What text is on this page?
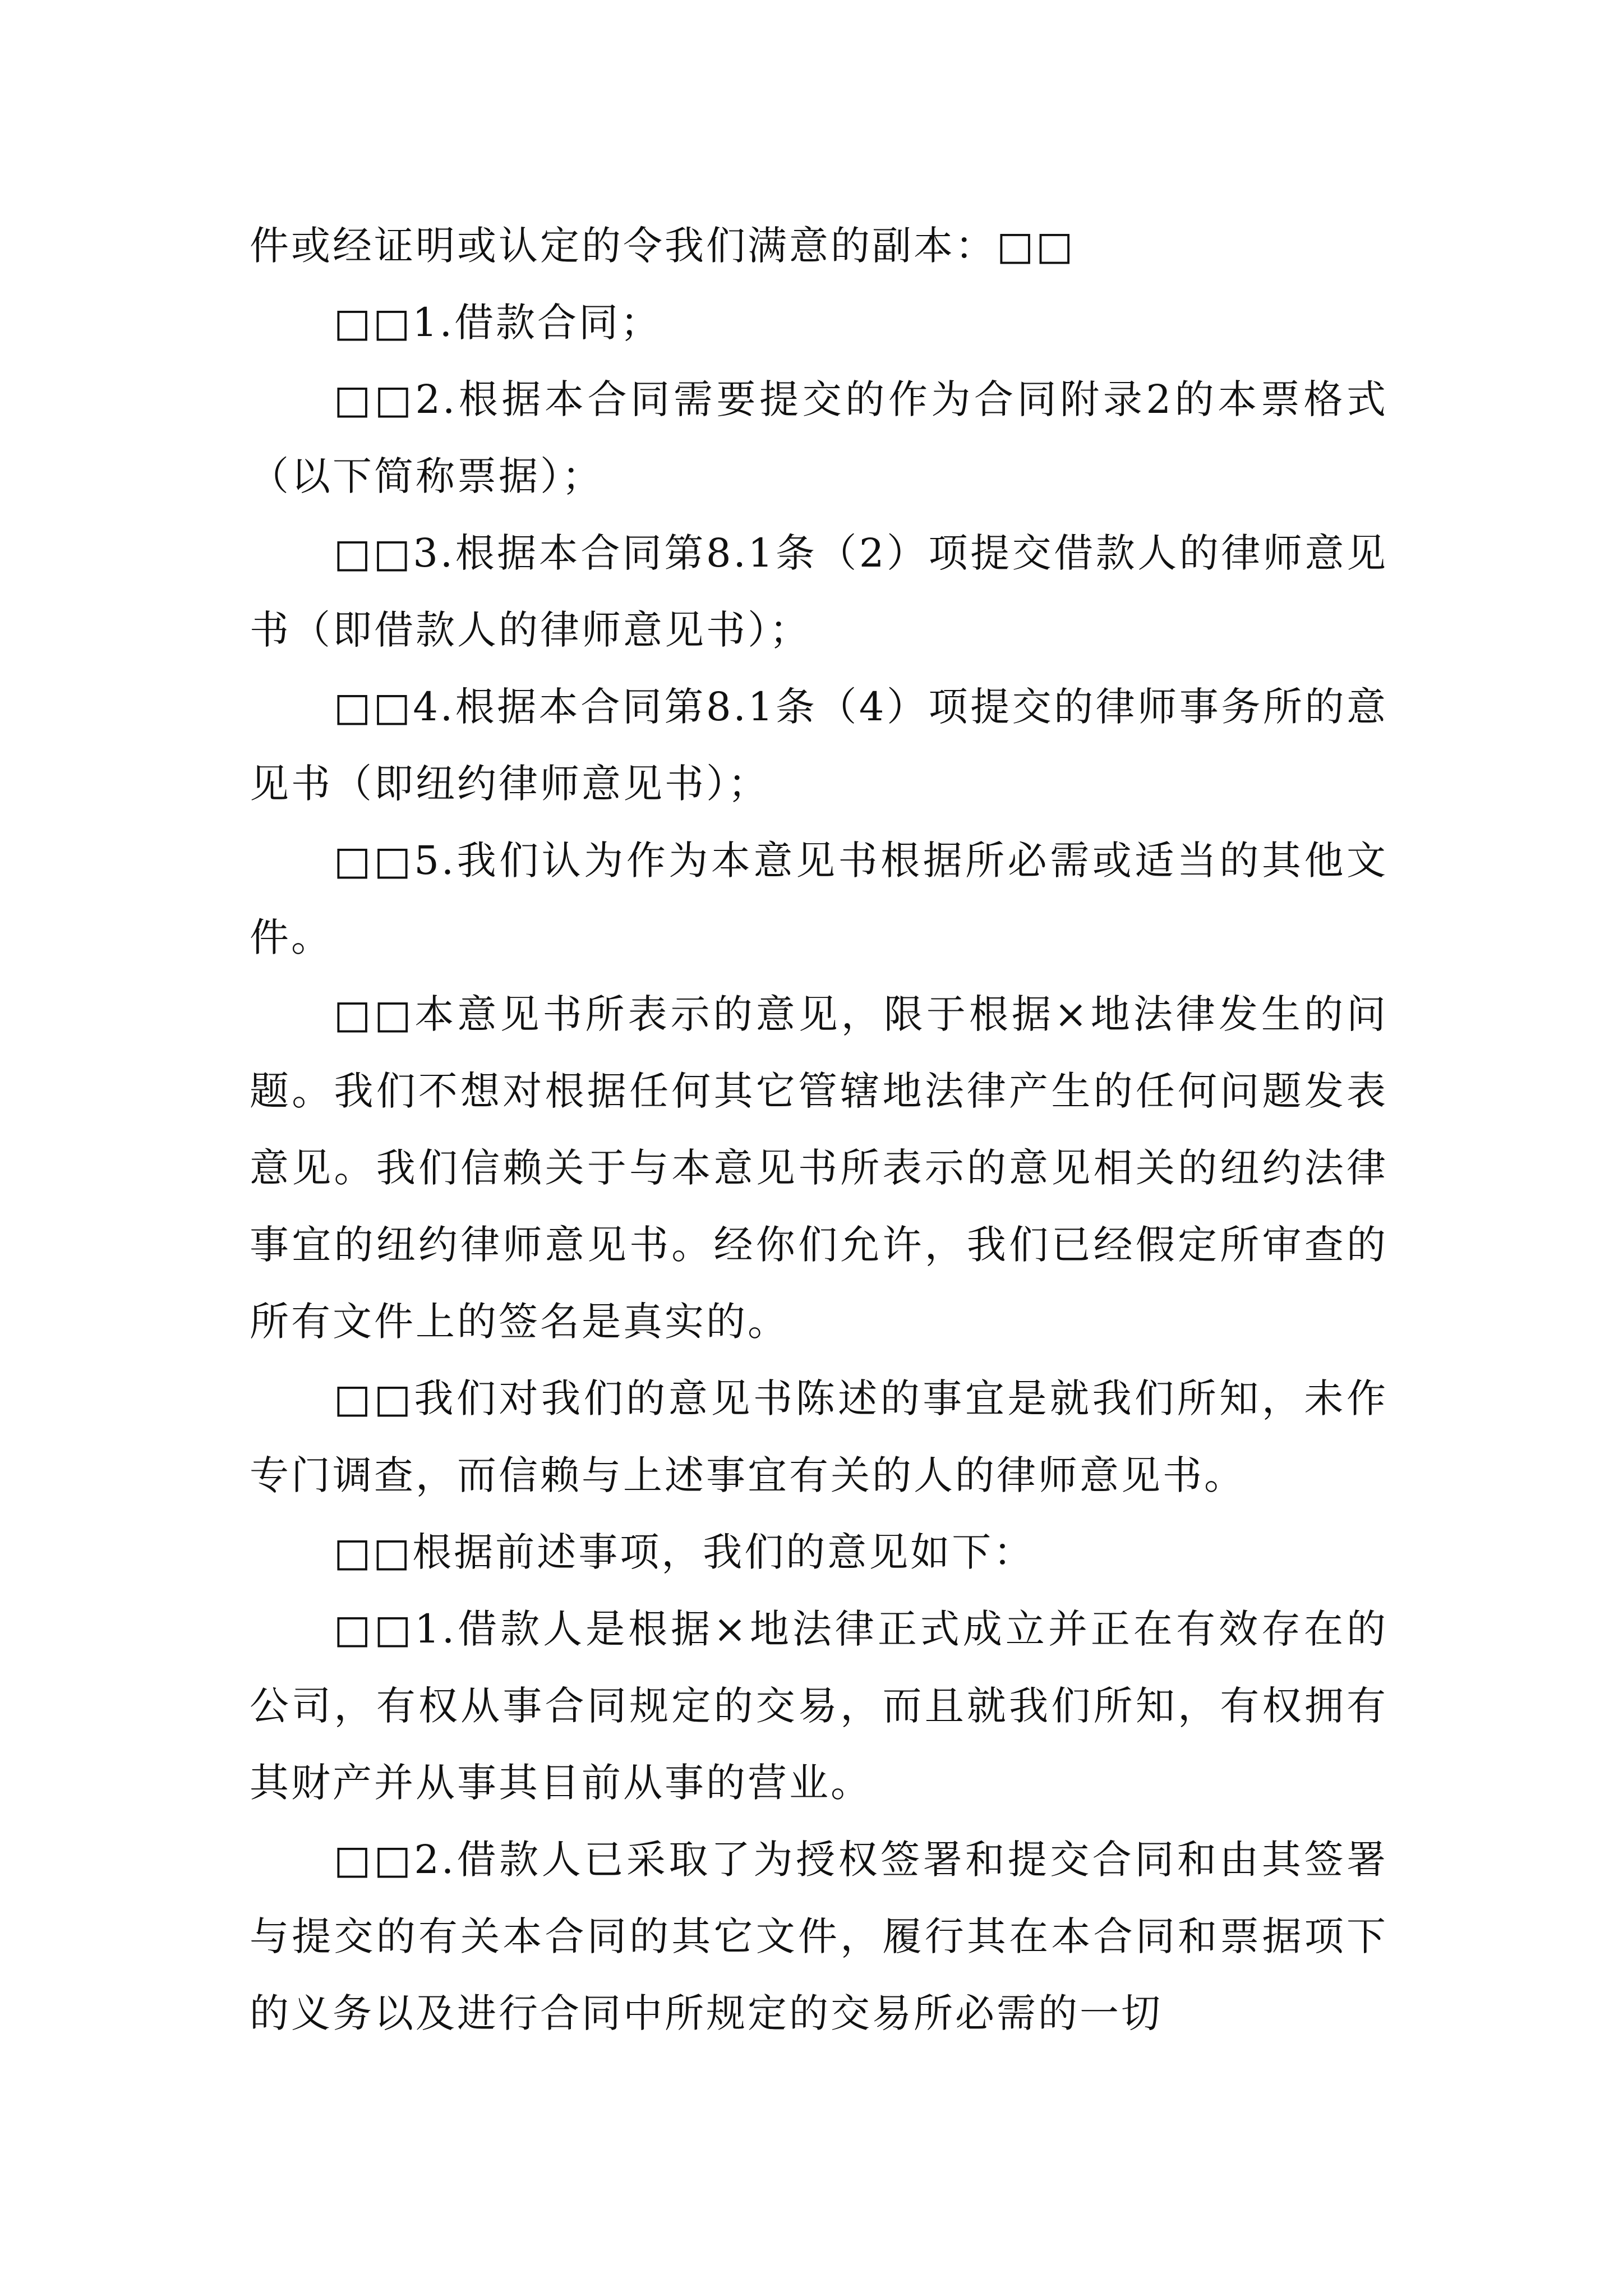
件或经证明或认定的令我们满意的副本：□□

□□1.借款合同；

□□2.根据本合同需要提交的作为合同附录2的本票格式（以下简称票据）；

□□3.根据本合同第8.1条（2）项提交借款人的律师意见书（即借款人的律师意见书）；

□□4.根据本合同第8.1条（4）项提交的律师事务所的意见书（即纽约律师意见书）；

□□5.我们认为作为本意见书根据所必需或适当的其他文件。

□□本意见书所表示的意见，限于根据×地法律发生的问题。我们不想对根据任何其它管辖地法律产生的任何问题发表意见。我们信赖关于与本意见书所表示的意见相关的纽约法律事宜的纽约律师意见书。经你们允许，我们已经假定所审查的所有文件上的签名是真实的。

□□我们对我们的意见书陈述的事宜是就我们所知，未作专门调查，而信赖与上述事宜有关的人的律师意见书。

□□根据前述事项，我们的意见如下：

□□1.借款人是根据×地法律正式成立并正在有效存在的公司，有权从事合同规定的交易，而且就我们所知，有权拥有其财产并从事其目前从事的营业。

□□2.借款人已采取了为授权签署和提交合同和由其签署与提交的有关本合同的其它文件，履行其在本合同和票据项下的义务以及进行合同中所规定的交易所必需的一切
